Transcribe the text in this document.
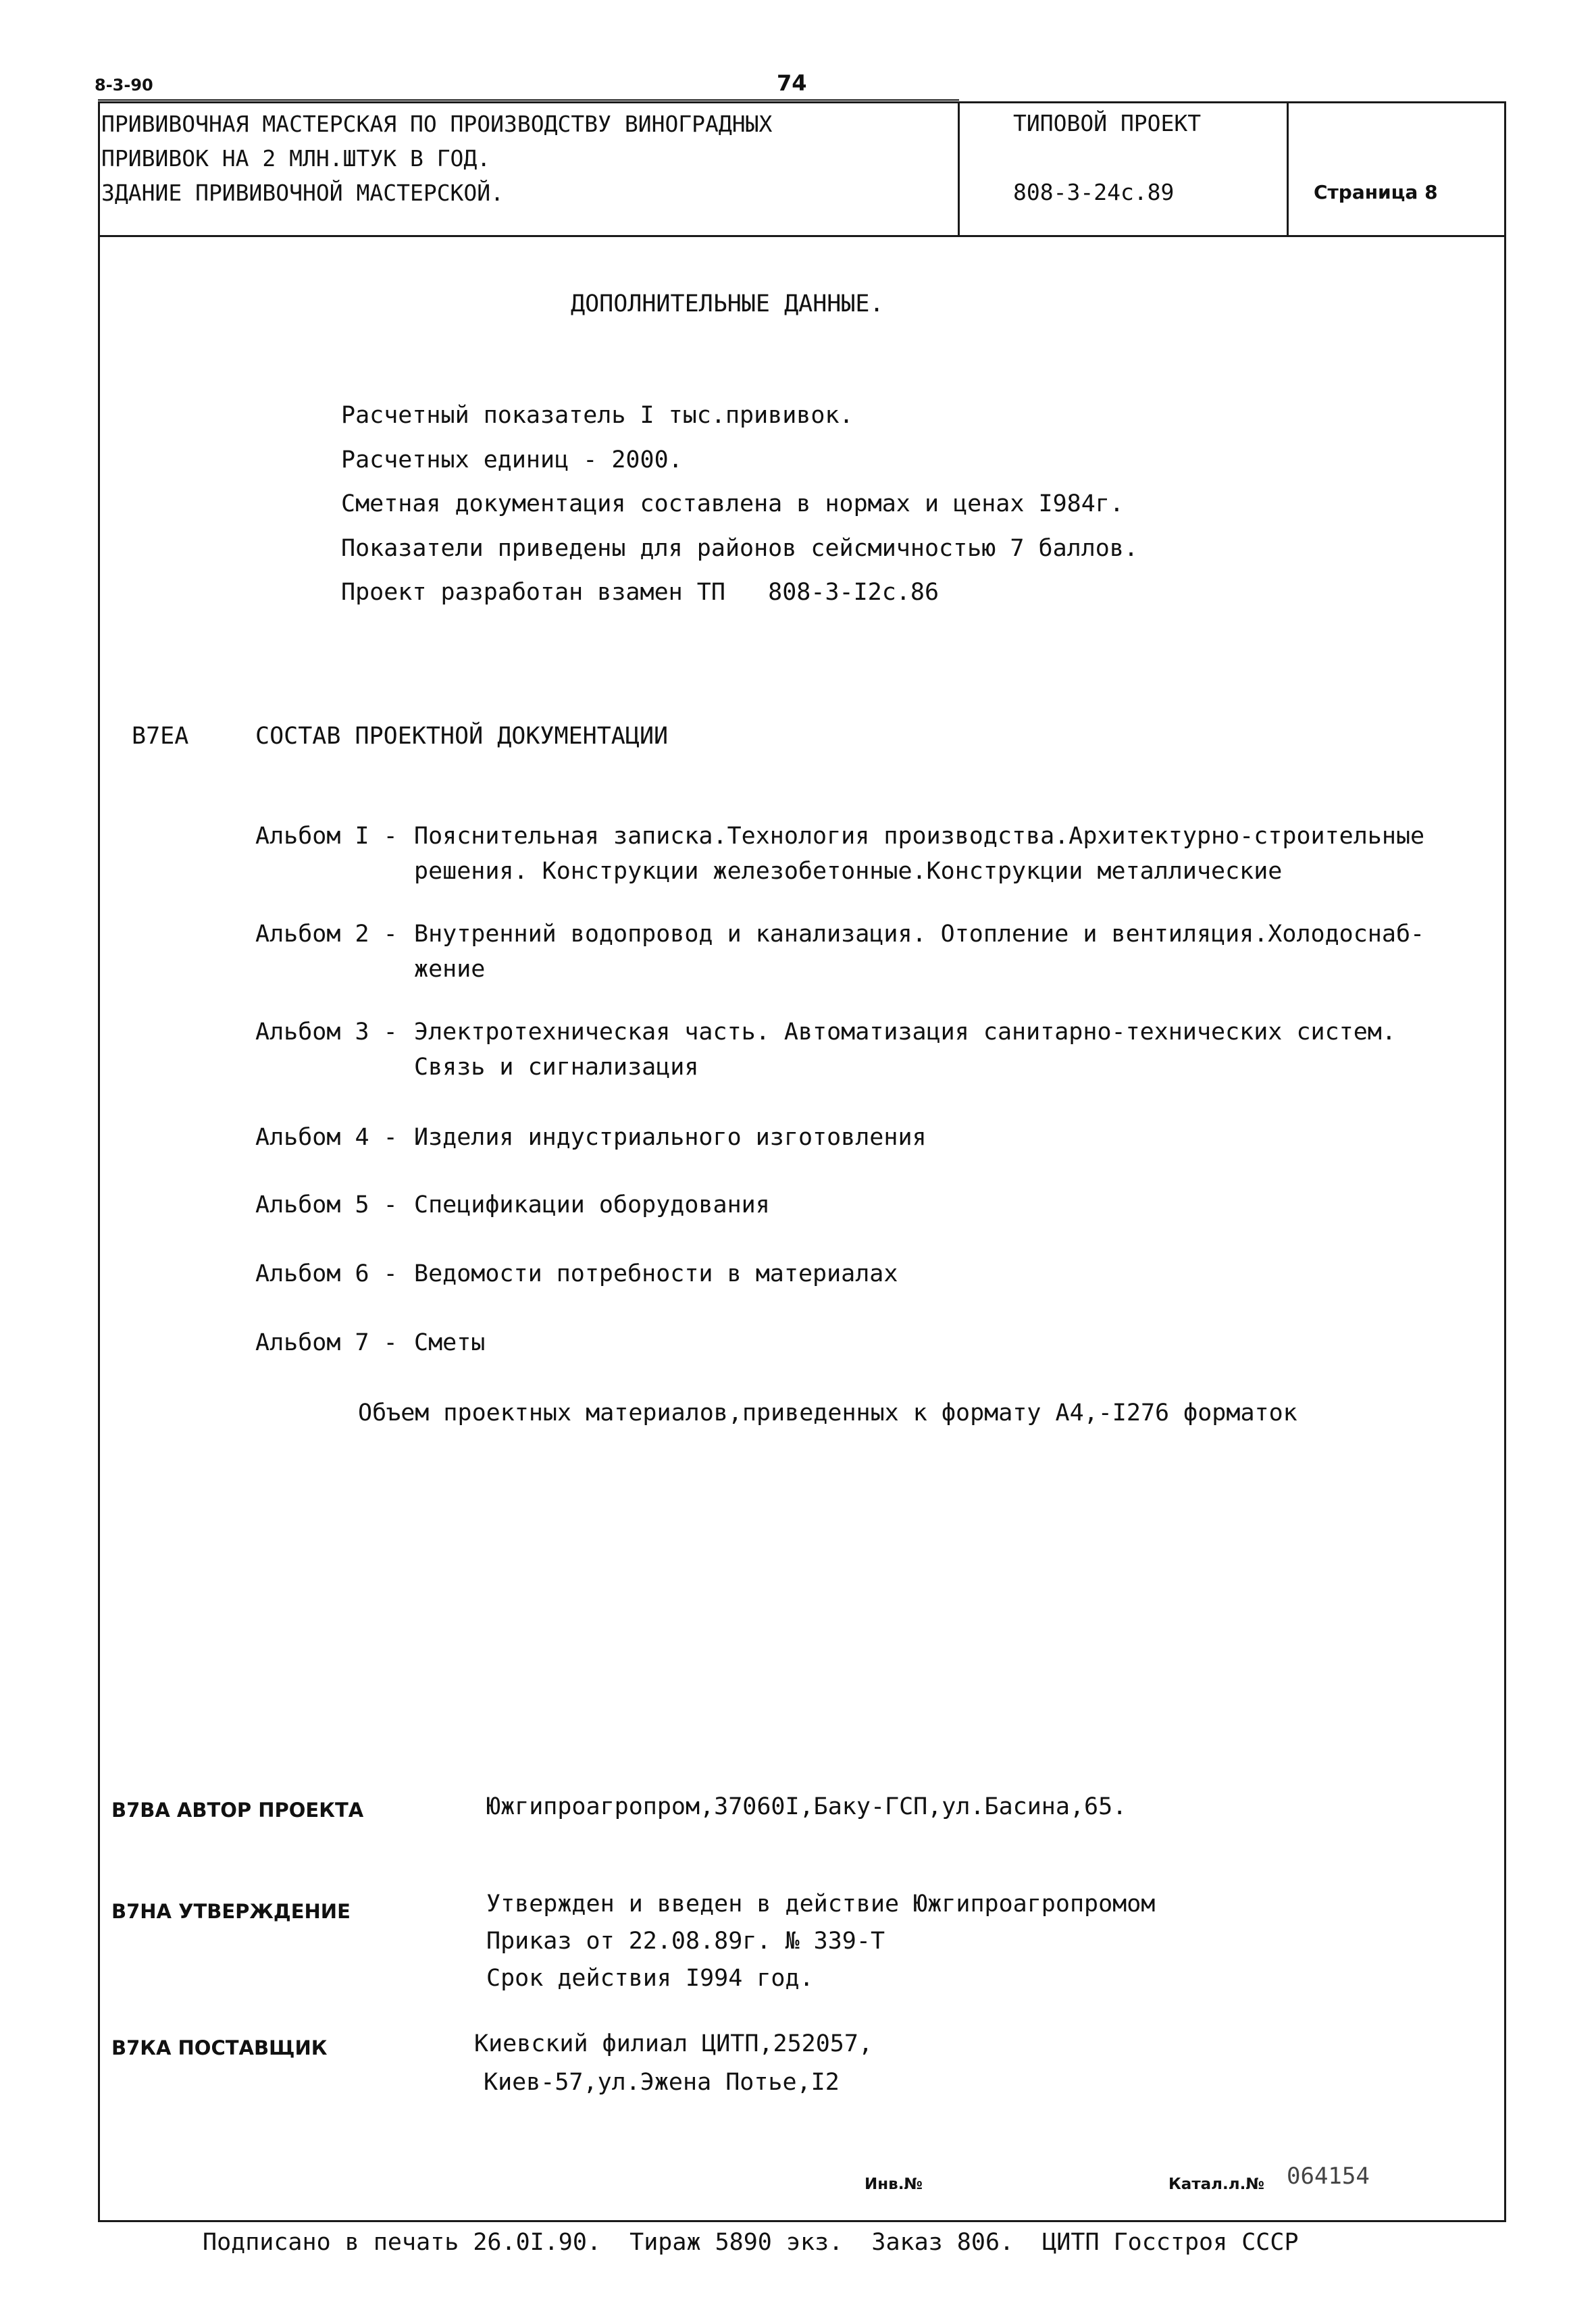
8-3-90	74
ПРИВИВОЧНАЯ МАСТЕРСКАЯ ПО ПРОИЗВОДСТВУ ВИНОГРАДНЫХ
ПРИВИВОК НА 2 МЛН.ШТУК В ГОД.
ЗДАНИЕ ПРИВИВОЧНОЙ МАСТЕРСКОЙ.
ТИПОВОЙ ПРОЕКТ
808-3-24с.89	Страница 8
ДОПОЛНИТЕЛЬНЫЕ ДАННЫЕ.
Расчетный показатель I тыс.прививок.
Расчетных единиц - 2000.
Сметная документация составлена в нормах и ценах I984г.
Показатели приведены для районов сейсмичностью 7 баллов.
Проект разработан взамен ТП   808-3-I2с.86
В7ЕА	СОСТАВ ПРОЕКТНОЙ ДОКУМЕНТАЦИИ
Альбом I - Пояснительная записка.Технология производства.Архитектурно-строительные
решения. Конструкции железобетонные.Конструкции металлические
Альбом 2 - Внутренний водопровод и канализация. Отопление и вентиляция.Холодоснаб-
жение
Альбом 3 - Электротехническая часть. Автоматизация санитарно-технических систем.
Связь и сигнализация
Альбом 4 - Изделия индустриального изготовления
Альбом 5 - Спецификации оборудования
Альбом 6 - Ведомости потребности в материалах
Альбом 7 - Сметы
Объем проектных материалов,приведенных к формату А4,-I276 форматок
В7ВА АВТОР ПРОЕКТА	Южгипроагропром,37060I,Баку-ГСП,ул.Басина,65.
В7НА УТВЕРЖДЕНИЕ	Утвержден и введен в действие Южгипроагропромом
Приказ от 22.08.89г. № 339-Т
Срок действия I994 год.
В7КА ПОСТАВЩИК	Киевский филиал ЦИТП,252057,
Киев-57,ул.Эжена Потье,I2
Инв.№	Катал.л.№ 064154
Подписано в печать 26.0I.90.  Тираж 5890 экз.  Заказ 806.  ЦИТП Госстроя СССР
